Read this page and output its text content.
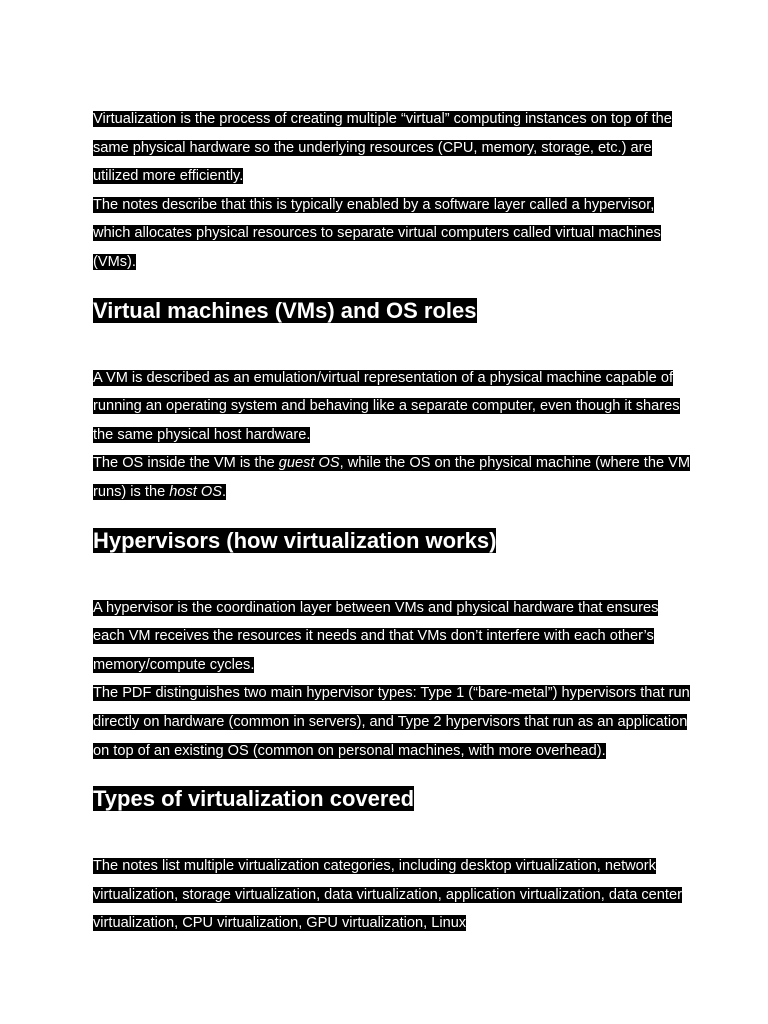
Virtualization is the process of creating multiple “virtual” computing instances on top of the same physical hardware so the underlying resources (CPU, memory, storage, etc.) are utilized more efficiently.

The notes describe that this is typically enabled by a software layer called a hypervisor, which allocates physical resources to separate virtual computers called virtual machines (VMs).

Virtual machines (VMs) and OS roles

A VM is described as an emulation/virtual representation of a physical machine capable of running an operating system and behaving like a separate computer, even though it shares the same physical host hardware.

The OS inside the VM is the guest OS, while the OS on the physical machine (where the VM runs) is the host OS.

Hypervisors (how virtualization works)

A hypervisor is the coordination layer between VMs and physical hardware that ensures each VM receives the resources it needs and that VMs don’t interfere with each other’s memory/compute cycles.

The PDF distinguishes two main hypervisor types: Type 1 (“bare-metal”) hypervisors that run directly on hardware (common in servers), and Type 2 hypervisors that run as an application on top of an existing OS (common on personal machines, with more overhead).

Types of virtualization covered

The notes list multiple virtualization categories, including desktop virtualization, network virtualization, storage virtualization, data virtualization, application virtualization, data center virtualization, CPU virtualization, GPU virtualization, Linux
